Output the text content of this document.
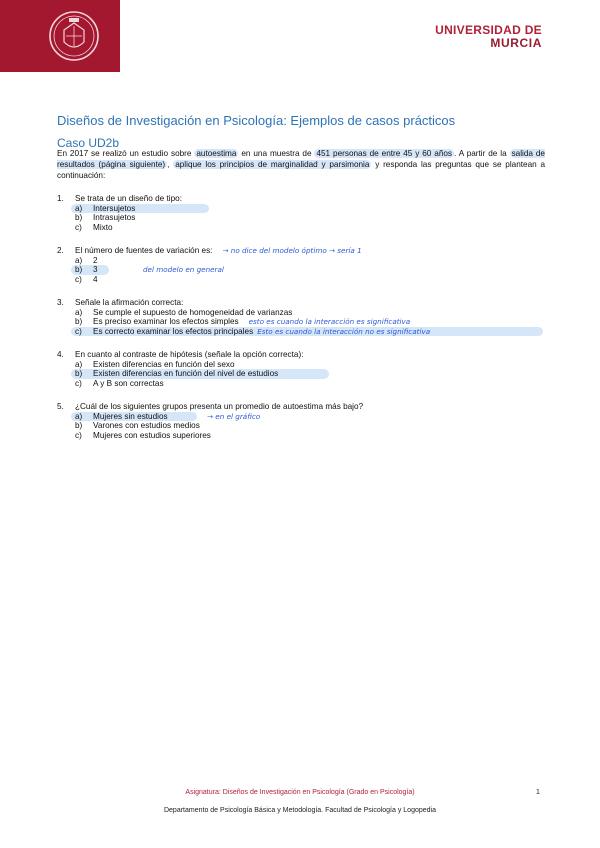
UNIVERSIDAD DE
MURCIA
Diseños de Investigación en Psicología: Ejemplos de casos prácticos
Caso UD2b
En 2017 se realizó un estudio sobre autoestima en una muestra de 451 personas de entre 45 y 60 años . A partir de la salida de resultados (página siguiente) , aplique los principios de marginalidad y parsimonia y responda las preguntas que se plantean a continuación:
1.	Se trata de un diseño de tipo:
a)	Intersujetos
b)	Intrasujetos
c)	Mixto
2.	El número de fuentes de variación es: → no dice del modelo óptimo → sería 1
a)	2
b)	3	del modelo en general
c)	4
3.	Señale la afirmación correcta:
a)	Se cumple el supuesto de homogeneidad de varianzas
b)	Es preciso examinar los efectos simples esto es cuando la interacción es significativa
c)	Es correcto examinar los efectos principales Esto es cuando la interacción no es significativa
4.	En cuanto al contraste de hipótesis (señale la opción correcta):
a)	Existen diferencias en función del sexo
b)	Existen diferencias en función del nivel de estudios
c)	A y B son correctas
5.	¿Cuál de los siguientes grupos presenta un promedio de autoestima más bajo?
a)	Mujeres sin estudios	→ en el gráfico
b)	Varones con estudios medios
c)	Mujeres con estudios superiores
Asignatura: Diseños de Investigación en Psicología (Grado en Psicología)	1
Departamento de Psicología Básica y Metodología. Facultad de Psicología y Logopedia
